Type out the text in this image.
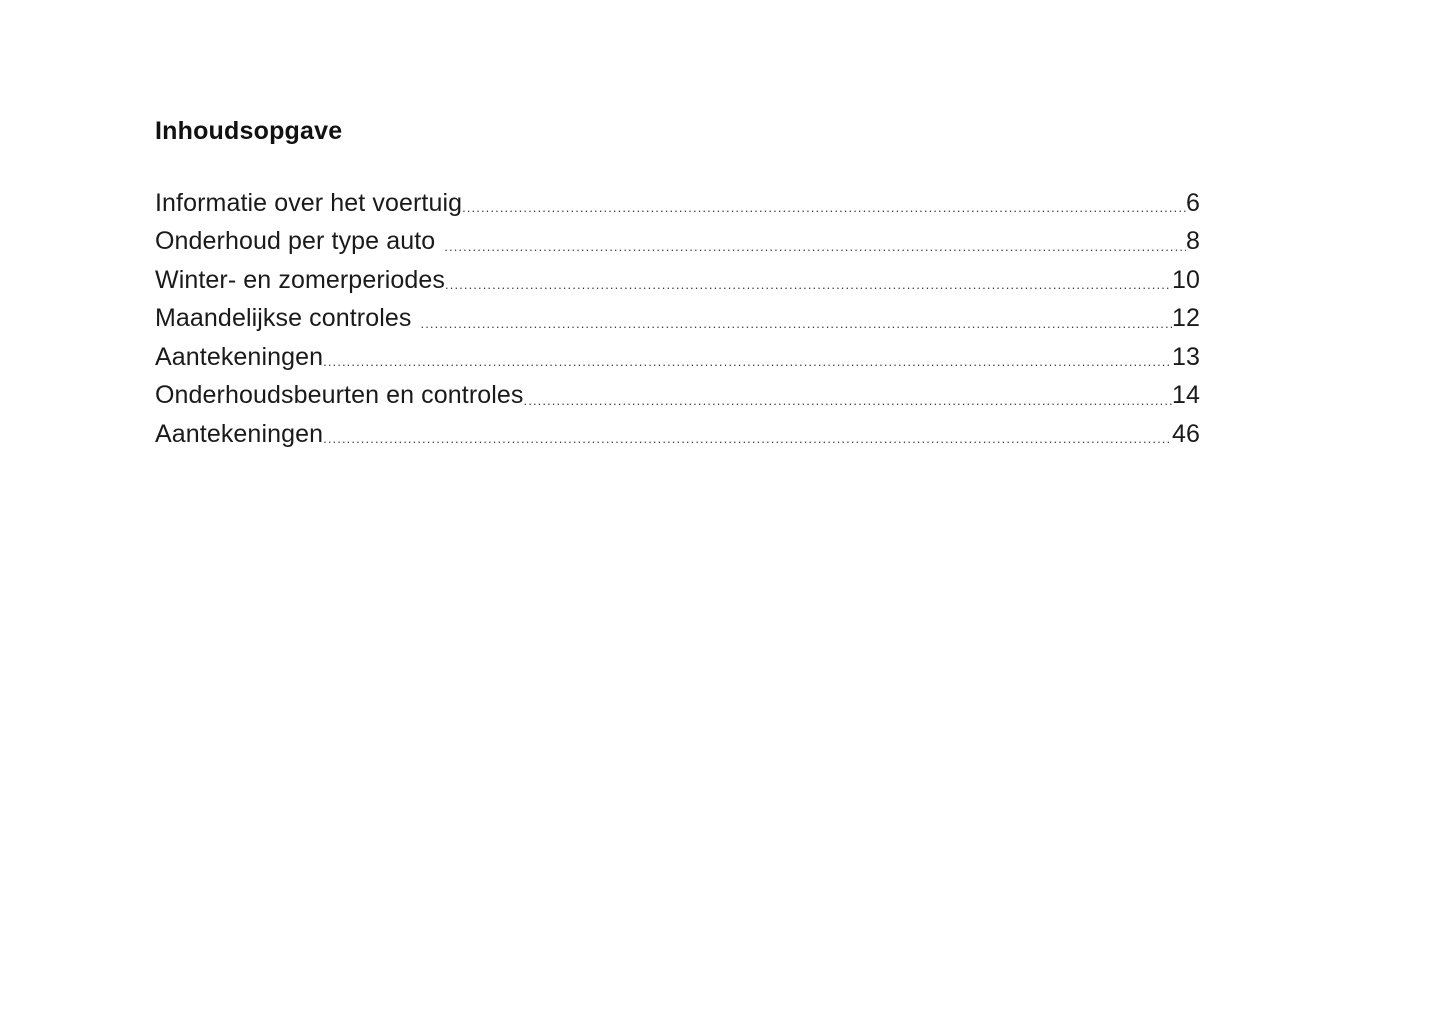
Inhoudsopgave
Informatie over het voertuig .....	6
Onderhoud per type auto .....	8
Winter- en zomerperiodes .....	10
Maandelijkse controles .....	12
Aantekeningen .....	13
Onderhoudsbeurten en controles .....	14
Aantekeningen .....	46
